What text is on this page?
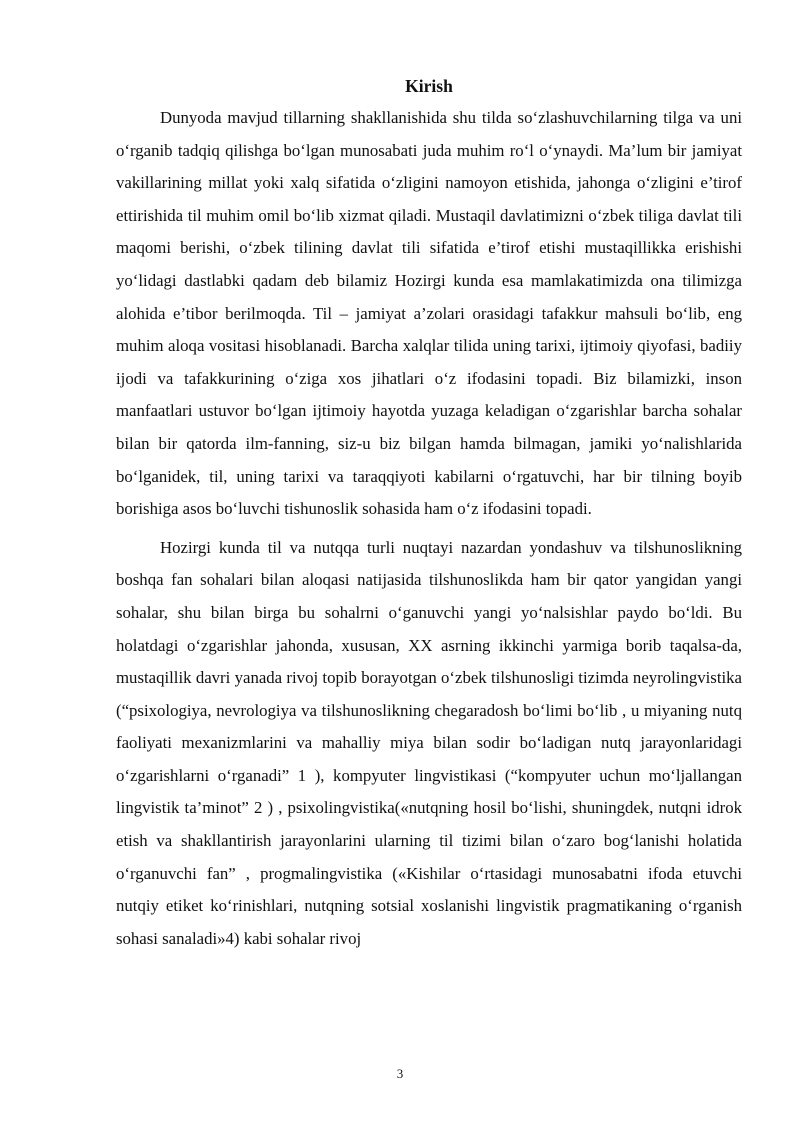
Kirish

Dunyoda mavjud tillarning shakllanishida shu tilda so‘zlashuvchilarning tilga va uni o‘rganib tadqiq qilishga bo‘lgan munosabati juda muhim ro‘l o‘ynaydi. Ma’lum bir jamiyat vakillarining millat yoki xalq sifatida o‘zligini namoyon etishida, jahonga o‘zligini e’tirof ettirishida til muhim omil bo‘lib xizmat qiladi. Mustaqil davlatimizni o‘zbek tiliga davlat tili maqomi berishi, o‘zbek tilining davlat tili sifatida e’tirof etishi mustaqillikka erishishi yo‘lidagi dastlabki qadam deb bilamiz Hozirgi kunda esa mamlakatimizda ona tilimizga alohida e’tibor berilmoqda. Til – jamiyat a’zolari orasidagi tafakkur mahsuli bo‘lib, eng muhim aloqa vositasi hisoblanadi. Barcha xalqlar tilida uning tarixi, ijtimoiy qiyofasi, badiiy ijodi va tafakkurining o‘ziga xos jihatlari o‘z ifodasini topadi. Biz bilamizki, inson manfaatlari ustuvor bo‘lgan ijtimoiy hayotda yuzaga keladigan o‘zgarishlar barcha sohalar bilan bir qatorda ilm-fanning, siz-u biz bilgan hamda bilmagan, jamiki yo‘nalishlarida bo‘lganidek, til, uning tarixi va taraqqiyoti kabilarni o‘rgatuvchi, har bir tilning boyib borishiga asos bo‘luvchi tishunoslik sohasida ham o‘z ifodasini topadi.

Hozirgi kunda til va nutqqa turli nuqtayi nazardan yondashuv va tilshunoslikning boshqa fan sohalari bilan aloqasi natijasida tilshunoslikda ham bir qator yangidan yangi sohalar, shu bilan birga bu sohalrni o‘ganuvchi yangi yo‘nalsishlar paydo bo‘ldi. Bu holatdagi o‘zgarishlar jahonda, xususan, XX asrning ikkinchi yarmiga borib taqalsa-da, mustaqillik davri yanada rivoj topib borayotgan o‘zbek tilshunosligi tizimda neyrolingvistika (“psixologiya, nevrologiya va tilshunoslikning chegaradosh bo‘limi bo‘lib , u miyaning nutq faoliyati mexanizmlarini va mahalliy miya bilan sodir bo‘ladigan nutq jarayonlaridagi o‘zgarishlarni o‘rganadi” 1 ), kompyuter lingvistikasi (“kompyuter uchun mo‘ljallangan lingvistik ta’minot” 2 ) , psixolingvistika(«nutqning hosil bo‘lishi, shuningdek, nutqni idrok etish va shakllantirish jarayonlarini ularning til tizimi bilan o‘zaro bog‘lanishi holatida o‘rganuvchi fan” , progmalingvistika («Kishilar o‘rtasidagi munosabatni ifoda etuvchi nutqiy etiket ko‘rinishlari, nutqning sotsial xoslanishi lingvistik pragmatikaning o‘rganish sohasi sanaladi»4) kabi sohalar rivoj

3
